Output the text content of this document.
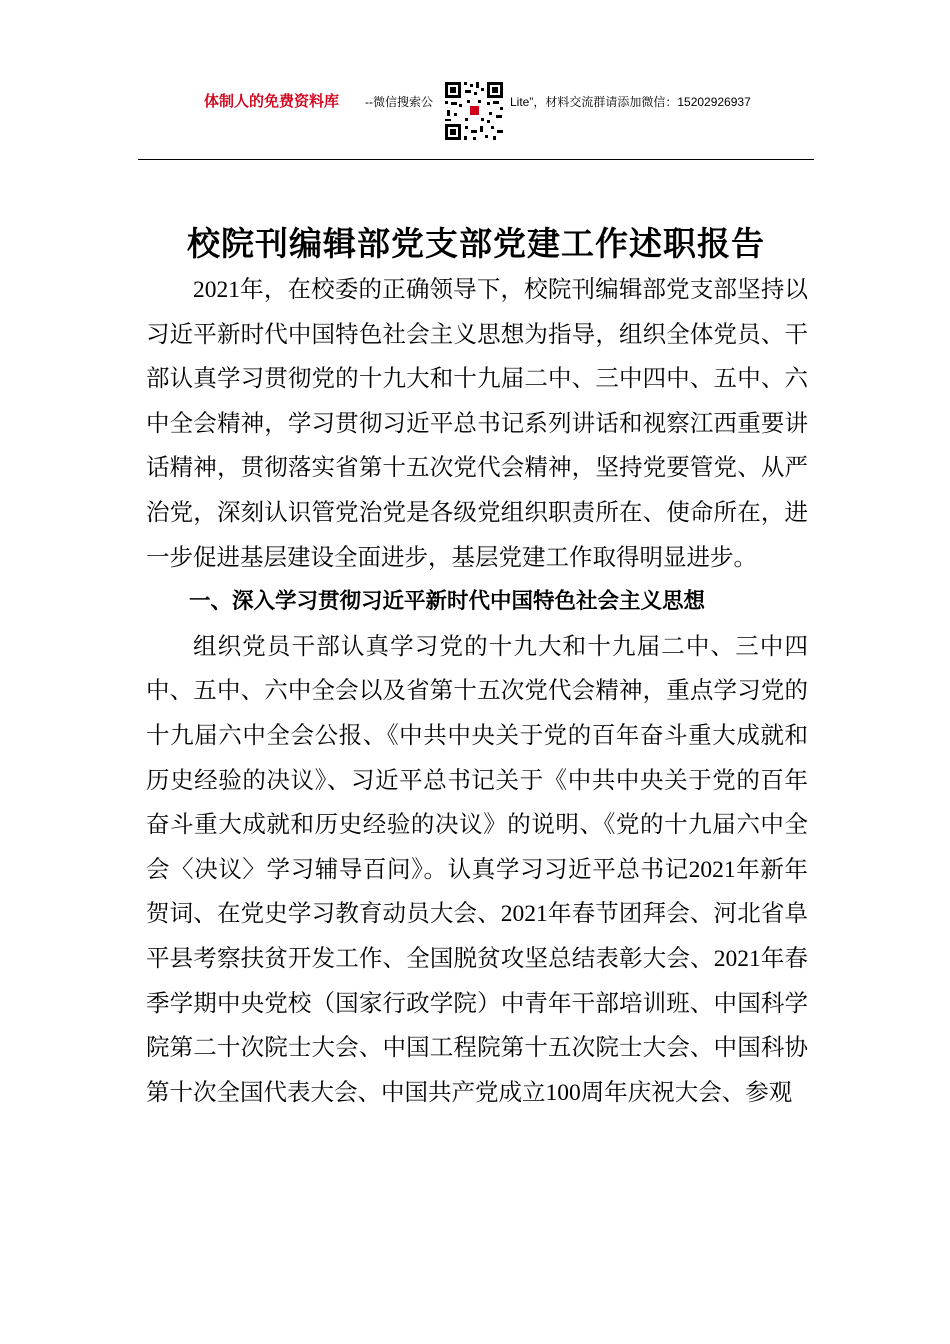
体制人的免费资料库 --微信搜索公	Lite”，材料交流群请添加微信：15202926937
校院刊编辑部党支部党建工作述职报告

2021年，在校委的正确领导下，校院刊编辑部党支部坚持以习近平新时代中国特色社会主义思想为指导，组织全体党员、干部认真学习贯彻党的十九大和十九届二中、三中四中、五中、六中全会精神，学习贯彻习近平总书记系列讲话和视察江西重要讲话精神，贯彻落实省第十五次党代会精神，坚持党要管党、从严治党，深刻认识管党治党是各级党组织职责所在、使命所在，进一步促进基层建设全面进步，基层党建工作取得明显进步。

一、深入学习贯彻习近平新时代中国特色社会主义思想

组织党员干部认真学习党的十九大和十九届二中、三中四中、五中、六中全会以及省第十五次党代会精神，重点学习党的十九届六中全会公报、《中共中央关于党的百年奋斗重大成就和历史经验的决议》、习近平总书记关于《中共中央关于党的百年奋斗重大成就和历史经验的决议》的说明、《党的十九届六中全会〈决议〉学习辅导百问》。认真学习习近平总书记2021年新年贺词、在党史学习教育动员大会、2021年春节团拜会、河北省阜平县考察扶贫开发工作、全国脱贫攻坚总结表彰大会、2021年春季学期中央党校（国家行政学院）中青年干部培训班、中国科学院第二十次院士大会、中国工程院第十五次院士大会、中国科协第十次全国代表大会、中国共产党成立100周年庆祝大会、参观
